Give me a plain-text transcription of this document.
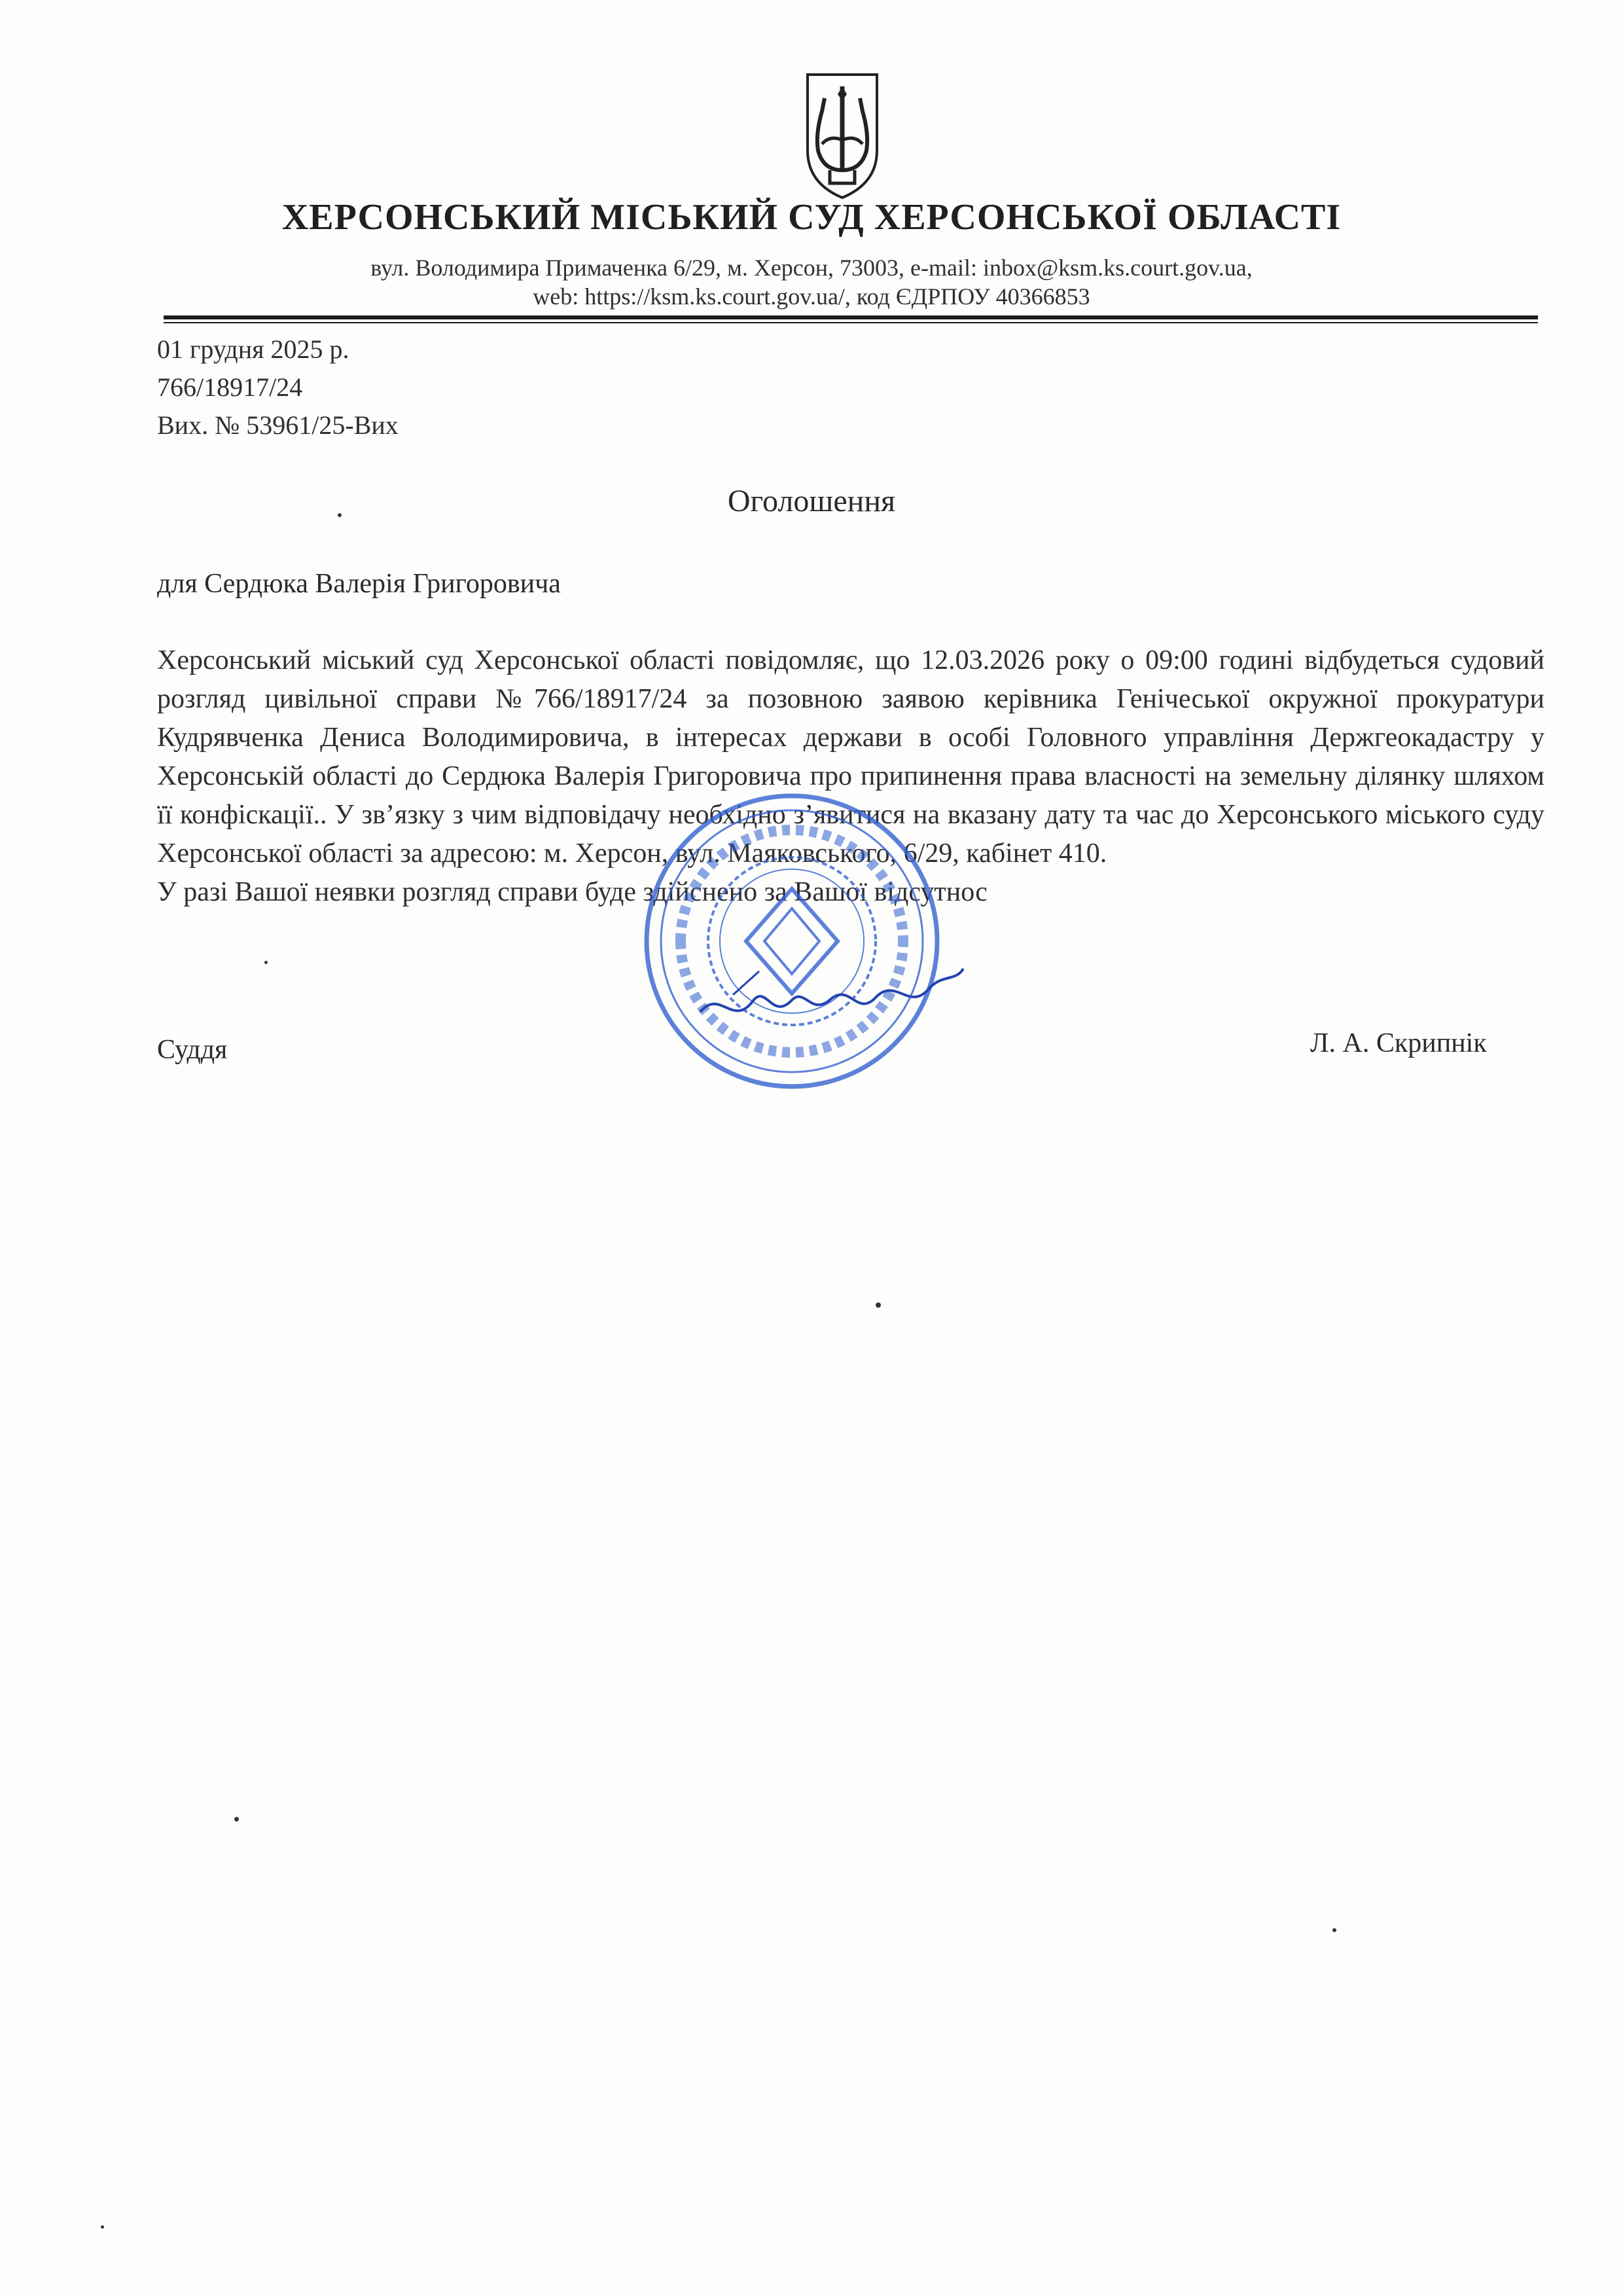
ХЕРСОНСЬКИЙ МІСЬКИЙ СУД ХЕРСОНСЬКОЇ ОБЛАСТІ
вул. Володимира Примаченка 6/29, м. Херсон, 73003, e-mail: inbox@ksm.ks.court.gov.ua,
web: https://ksm.ks.court.gov.ua/, код ЄДРПОУ 40366853
01 грудня 2025 р.
766/18917/24
Вих. № 53961/25-Вих
Оголошення
для Сердюка Валерія Григоровича

Херсонський міський суд Херсонської області повідомляє, що 12.03.2026 року о 09:00 годині відбудеться судовий розгляд цивільної справи №766/18917/24 за позовною заявою керівника Генічеської окружної прокуратури Кудрявченка Дениса Володимировича, в інтересах держави в особі Головного управління Держгеокадастру у Херсонській області до Сердюка Валерія Григоровича про припинення права власності на земельну ділянку шляхом її конфіскації.. У зв’язку з чим відповідачу необхідно з’явитися на вказану дату та час до Херсонського міського суду Херсонської області за адресою: м. Херсон, вул. Маяковського, 6/29, кабінет 410.

У разі Вашої неявки розгляд справи буде здійснено за Вашої відсутнос

Суддя	Л. А. Скрипнік
